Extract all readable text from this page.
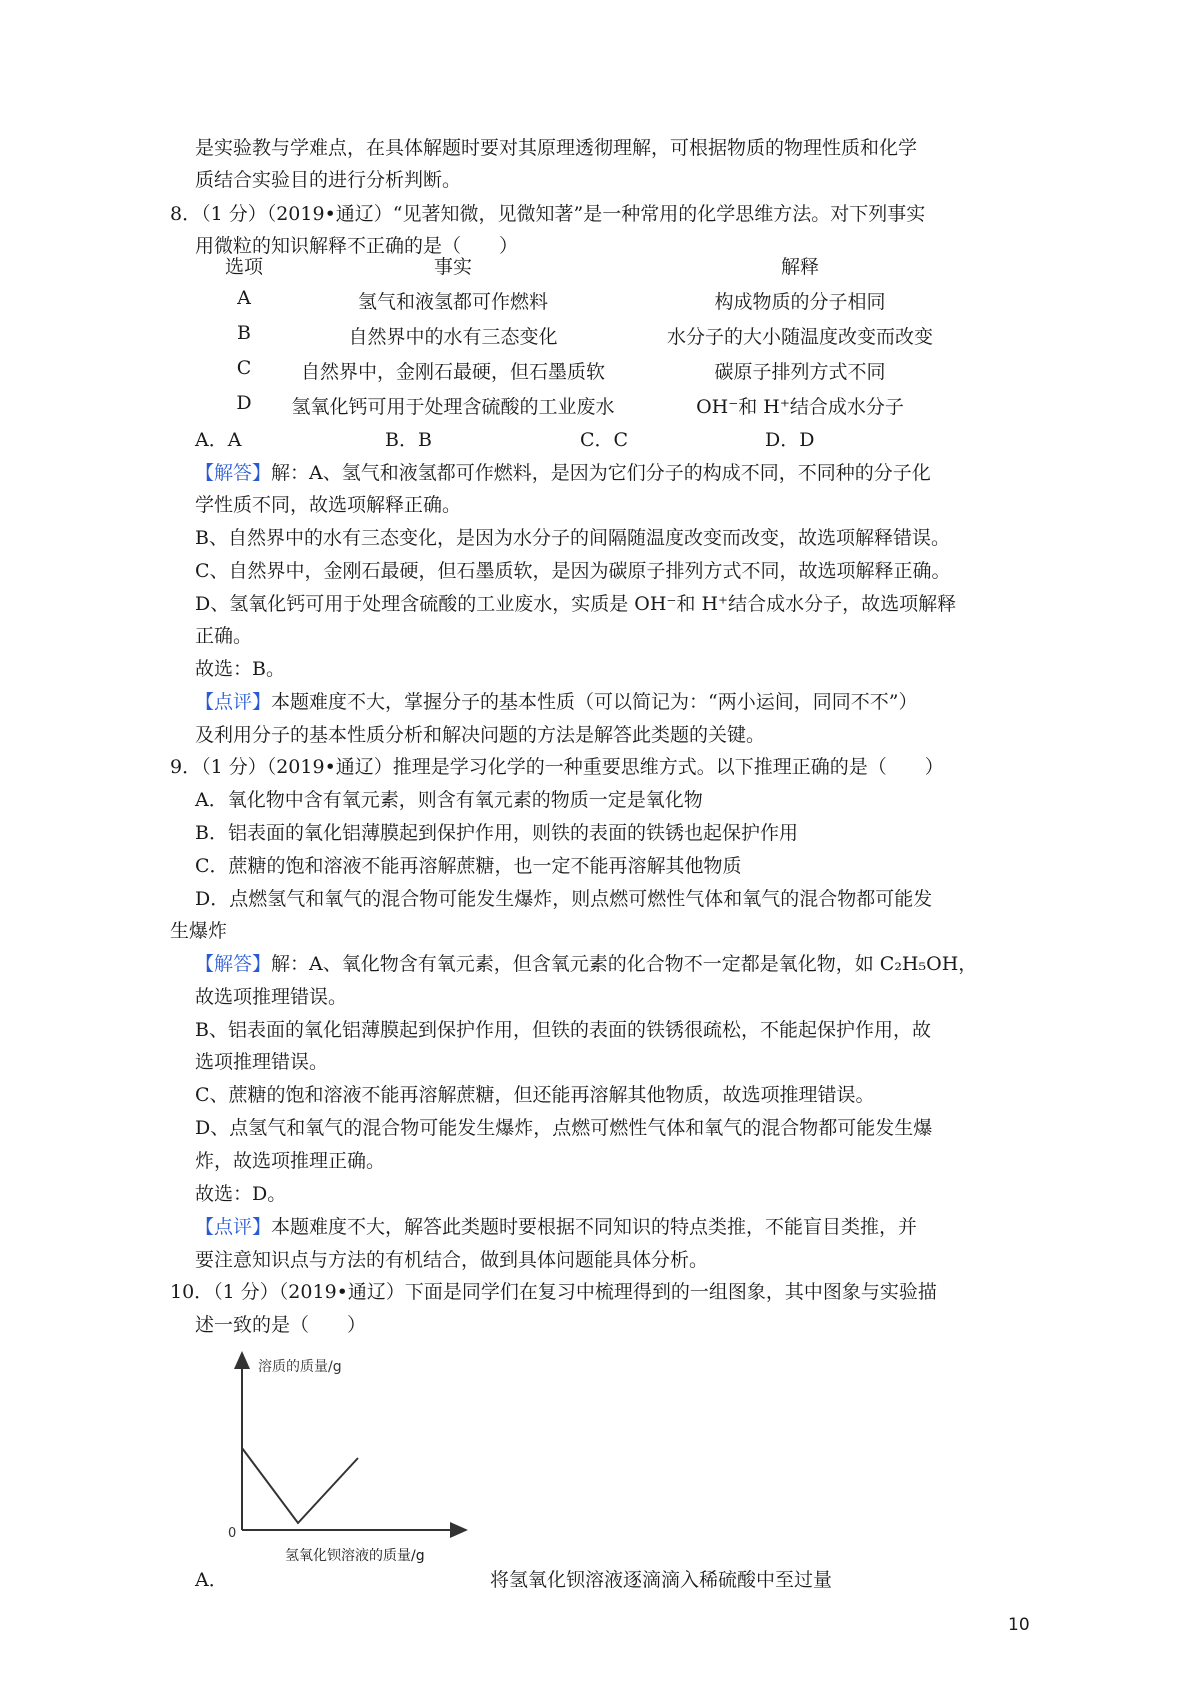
是实验教与学难点，在具体解题时要对其原理透彻理解，可根据物质的物理性质和化学
质结合实验目的进行分析判断。
8．（1 分）（2019•通辽）“见著知微，见微知著”是一种常用的化学思维方法。对下列事实
用微粒的知识解释不正确的是（　　）
选项	事实	解释
A	氢气和液氢都可作燃料	构成物质的分子相同
B	自然界中的水有三态变化	水分子的大小随温度改变而改变
C	自然界中，金刚石最硬，但石墨质软	碳原子排列方式不同
D	氢氧化钙可用于处理含硫酸的工业废水	OH⁻和 H⁺结合成水分子
A．A	B．B	C．C	D．D
【解答】解：A、氢气和液氢都可作燃料，是因为它们分子的构成不同，不同种的分子化
学性质不同，故选项解释正确。
B、自然界中的水有三态变化，是因为水分子的间隔随温度改变而改变，故选项解释错误。
C、自然界中，金刚石最硬，但石墨质软，是因为碳原子排列方式不同，故选项解释正确。
D、氢氧化钙可用于处理含硫酸的工业废水，实质是 OH⁻和 H⁺结合成水分子，故选项解释
正确。
故选：B。
【点评】本题难度不大，掌握分子的基本性质（可以简记为：“两小运间，同同不不”）
及利用分子的基本性质分析和解决问题的方法是解答此类题的关键。
9．（1 分）（2019•通辽）推理是学习化学的一种重要思维方式。以下推理正确的是（　　）
A．氧化物中含有氧元素，则含有氧元素的物质一定是氧化物
B．铝表面的氧化铝薄膜起到保护作用，则铁的表面的铁锈也起保护作用
C．蔗糖的饱和溶液不能再溶解蔗糖，也一定不能再溶解其他物质
D．点燃氢气和氧气的混合物可能发生爆炸，则点燃可燃性气体和氧气的混合物都可能发
生爆炸
【解答】解：A、氧化物含有氧元素，但含氧元素的化合物不一定都是氧化物，如 C₂H₅OH，
故选项推理错误。
B、铝表面的氧化铝薄膜起到保护作用，但铁的表面的铁锈很疏松，不能起保护作用，故
选项推理错误。
C、蔗糖的饱和溶液不能再溶解蔗糖，但还能再溶解其他物质，故选项推理错误。
D、点氢气和氧气的混合物可能发生爆炸，点燃可燃性气体和氧气的混合物都可能发生爆
炸，故选项推理正确。
故选：D。
【点评】本题难度不大，解答此类题时要根据不同知识的特点类推，不能盲目类推，并
要注意知识点与方法的有机结合，做到具体问题能具体分析。
10．（1 分）（2019•通辽）下面是同学们在复习中梳理得到的一组图象，其中图象与实验描
述一致的是（　　）
溶质的质量/g
0
氢氧化钡溶液的质量/g
A．	将氢氧化钡溶液逐滴滴入稀硫酸中至过量
10
